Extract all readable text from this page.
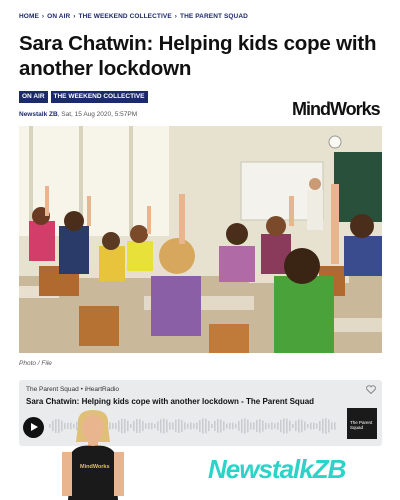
HOME › ON AIR › THE WEEKEND COLLECTIVE › THE PARENT SQUAD
Sara Chatwin: Helping kids cope with another lockdown
ON AIR	THE WEEKEND COLLECTIVE
MindWorks
Newstalk ZB, Sat, 15 Aug 2020, 5:57PM
Photo / File
The Parent Squad • iHeartRadio
Sara Chatwin: Helping kids cope with another lockdown - The Parent Squad
The Parent Squad
MindWorks	NewstalkZB
